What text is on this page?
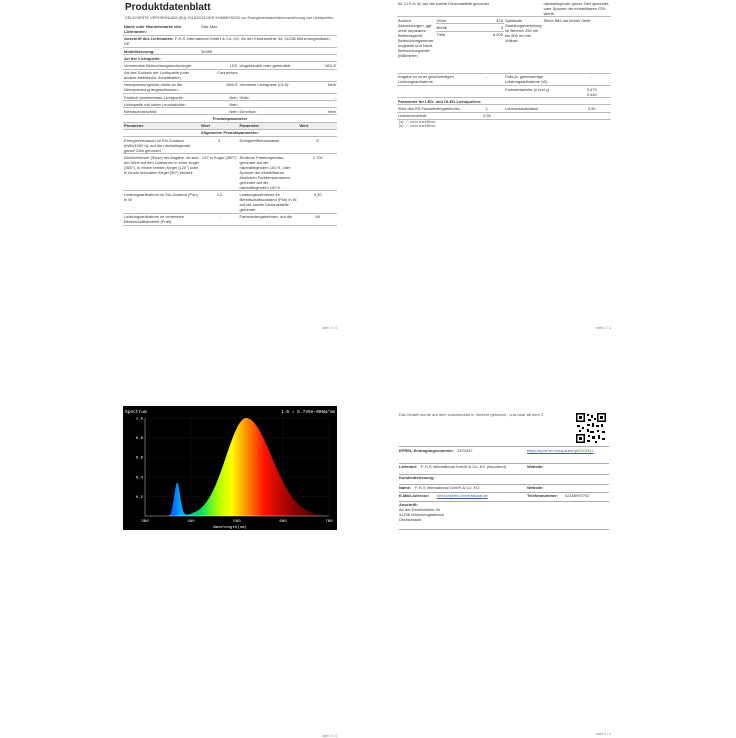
Produktdatenblatt
DELEGIERTE VERORDNUNG (EU) 2019/2015 DER KOMMISSION zur Energieverbrauchskennzeichnung von Lichtquellen
Name oder Handelsmarke des Lieferanten:	Star-Max		
Anschrift des Lieferanten: F-H-S International GmbH & Co. KG, An der Eickesmühle 34, 41238 Mönchengladbach, DE			
Modellkennung:	36359		
Art der Lichtquelle:			
Verwendete Beleuchtungstechnologie:	LED	Ungebündelt oder gebündelt:	NDLS
Art des Sockels der Lichtquelle (oder andere elektrische Schnittstelle)	Connectors		
Netzspannung/nicht direkt an die Netzspannung angeschlossen:	NMLS	Vernetzte Lichtquelle (CLS):	Nein
Farblich abstimmbare Lichtquelle:	Nein	Hülle:	-
Lichtquelle mit hoher Leuchtdichte:	Nein		
Blendschutzschild:	Nein	Dimmbar:	Nein
Produktparameter			
Parameter	Wert	Parameter	Wert
Allgemeine Produktparameter:			
Energieverbrauch im Ein-Zustand (kWh/1000 h); auf die nächstliegende ganze Zahl gerundet	4	Energieeffizienzklasse	G
Nutzlichtstrom (Φuse) mit Angabe, ob sich der Wert auf den Lichtstrom in einer Kugel (360°), in einem breiten Kegel (120°) oder in einem schmalen Kegel (90°) bezieht	247 in Kugel (360°)	Ähnliche Farbtemperatur, gerundet auf die nächstliegenden 100 K, oder Spanne der einstellbaren ähnlichen Farbtemperaturen, gerundet auf die nächstliegenden 100 K	2 700
Leistungsaufnahme im Ein-Zustand (Pon) in W	3,2	Leistungsaufnahme im Bereitschaftszustand (Psb) in W, auf die zweite Dezimalstelle gerundet	0,30
Leistungsaufnahme im vernetzten Bereitschaftsbetrieb (Pnet)	-	Farbwiedergabeindex, auf die	84
seite 1 / 4
für CLS in W, auf die zweite Dezimalstelle gerundet				nächstliegende ganze Zahl gerundet, oder Spanne der einstellbaren CRI-Werte	
Äußere Abmessungen, ggf. ohne separates Betriebsgerät, Beleuchtungssteuerungsteile und Nicht-Beleuchtungsteile (Millimeter)	Höhe	425	Spektrale Strahlungsverteilung im Bereich 250 nm bis 800 nm bei Volllast	Siehe Bild auf letzter Seite	
	Breite	3			
	Tiefe	6.000			
Angabe zu einer gleichwertigen Leistungsaufnahme		-	Falls ja, gleichwertige Leistungsaufnahme (W)		-
			Farbwertanteile (x und y)		0,473
0,440
Parameter für LED- und OLED-Lichtquellen:					
Wert des R9-Farbwiedergabeindex		1	Lebensdauerfaktor		0,90
Lichtstromerhalt		0,95			
(a) "-": nicht zutreffend;
(b) "-": nicht zutreffend.
seite 2 / 4
Spectrum	1.0 = 5.749e-005W/nm
1.0
0.8
0.6
0.4
0.2
380	480	580	680	780
Wavelength(nm)
seite 3 / 4
Das Modell wurde auf dem Unionsmarkt in Verkehr gebracht , und zwar ab dem 2
EPREL-Eintragungsnummer: 2370347	https://eprel.ec.europa.eu/qr/2370347
Lieferant: F-H-S International GmbH & Co. KG (Importeur)	Website:
Kundenbetreuung:
Name: F-H-S International GmbH & Co. KG	Website:
E-Mail-Adresse: service@fhs-international.de	Telefonnummer: 02166997700
Anschrift:
An der Eickesmühle 34
41238 Mönchengladbach
Deutschland
seite 4 / 4
